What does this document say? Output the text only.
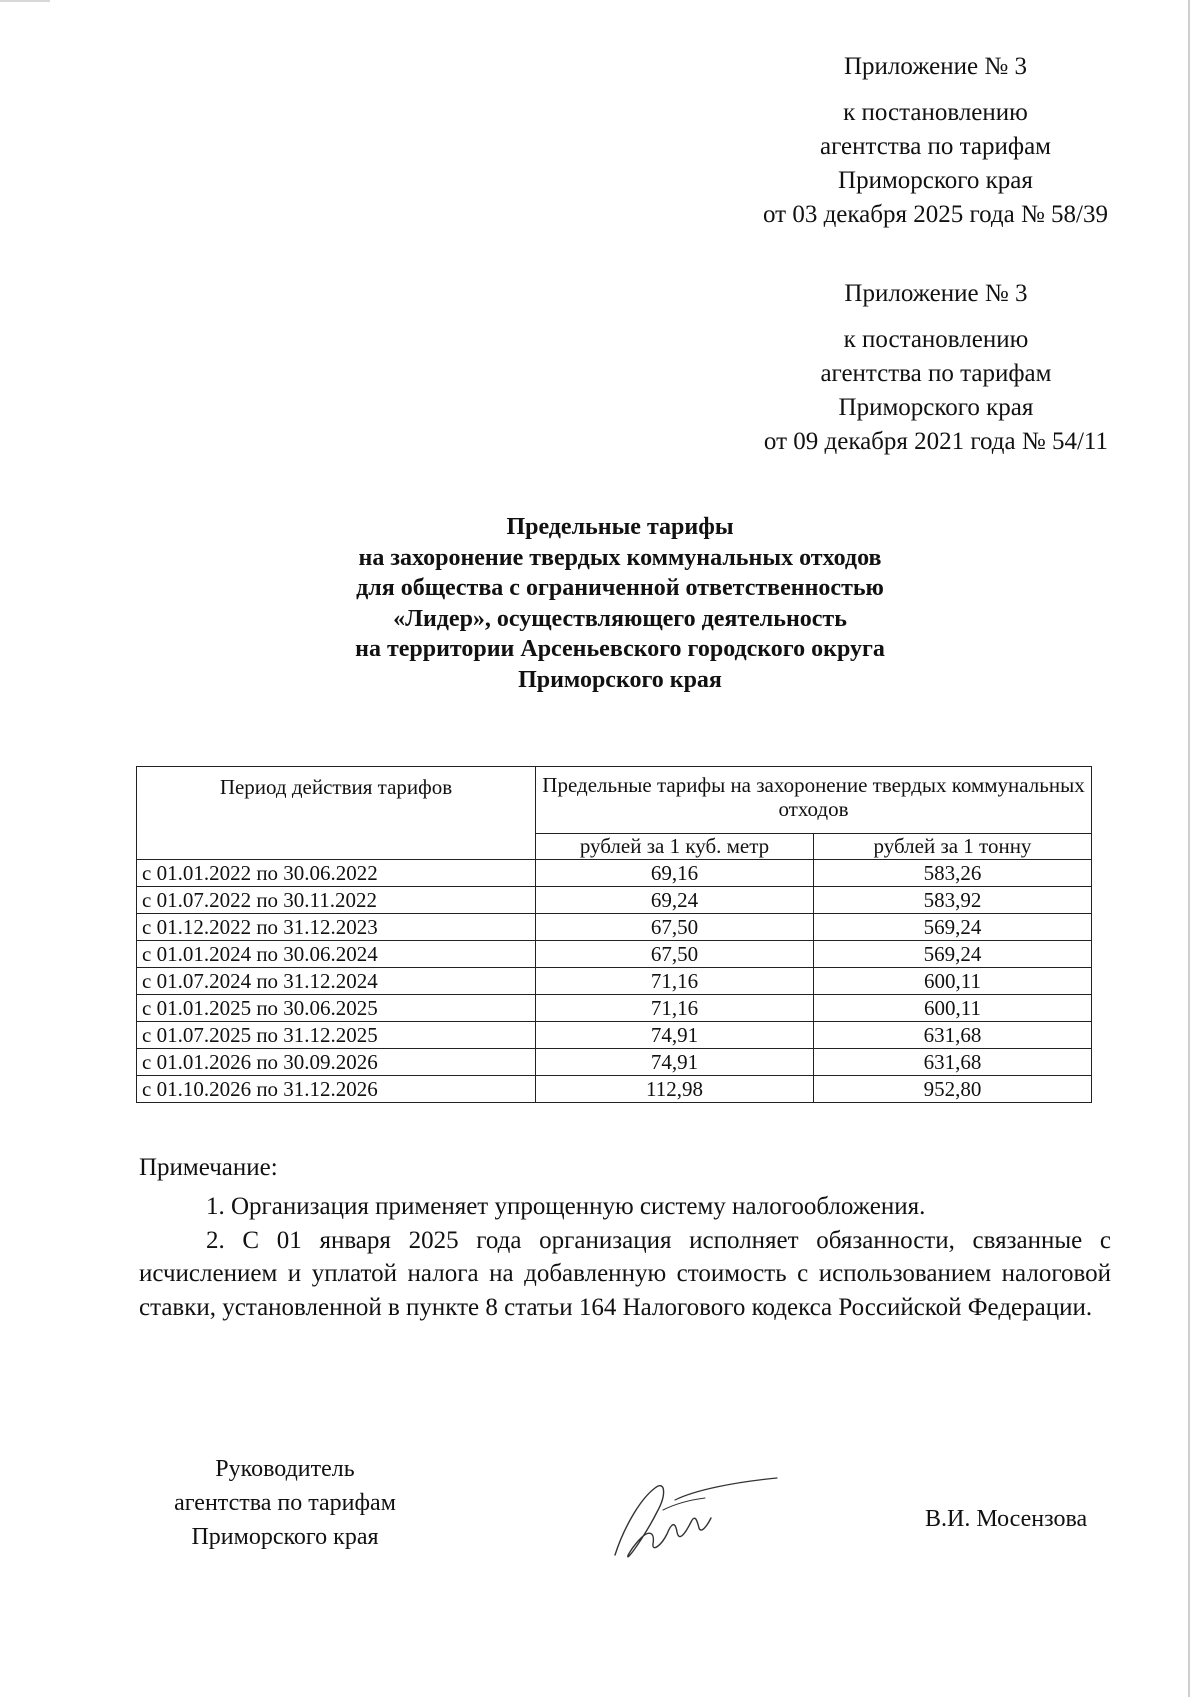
Приложение № 3
к постановлению
агентства по тарифам
Приморского края
от 03 декабря 2025 года № 58/39
Приложение № 3
к постановлению
агентства по тарифам
Приморского края
от 09 декабря 2021 года № 54/11
Предельные тарифы
на захоронение твердых коммунальных отходов
для общества с ограниченной ответственностью
«Лидер», осуществляющего деятельность
на территории Арсеньевского городского округа
Приморского края
Период действия тарифов	Предельные тарифы на захоронение твердых коммунальных отходов	
	рублей за 1 куб. метр	рублей за 1 тонну
с 01.01.2022 по 30.06.2022	69,16	583,26
с 01.07.2022 по 30.11.2022	69,24	583,92
с 01.12.2022 по 31.12.2023	67,50	569,24
с 01.01.2024 по 30.06.2024	67,50	569,24
с 01.07.2024 по 31.12.2024	71,16	600,11
с 01.01.2025 по 30.06.2025	71,16	600,11
с 01.07.2025 по 31.12.2025	74,91	631,68
с 01.01.2026 по 30.09.2026	74,91	631,68
с 01.10.2026 по 31.12.2026	112,98	952,80
Примечание:

1. Организация применяет упрощенную систему налогообложения.

2. С 01 января 2025 года организация исполняет обязанности, связанные с исчислением и уплатой налога на добавленную стоимость с использованием налоговой ставки, установленной в пункте 8 статьи 164 Налогового кодекса Российской Федерации.

Руководитель
агентства по тарифам
Приморского края
В.И. Мосензова
